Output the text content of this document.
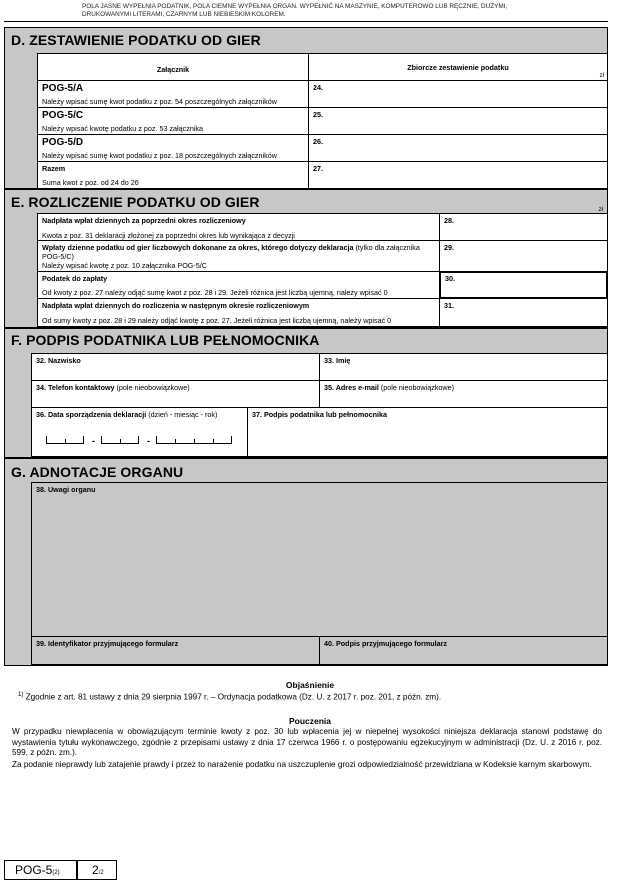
POLA JASNE WYPEŁNIA PODATNIK, POLA CIEMNE WYPEŁNIA ORGAN. WYPEŁNIĆ NA MASZYNIE, KOMPUTEROWO LUB RĘCZNIE, DUŻYMI, DRUKOWANYMI LITERAMI, CZARNYM LUB NIEBIESKIM KOLOREM.
D. ZESTAWIENIE PODATKU OD GIER
Załącznik	Zbiorcze zestawienie podatku
zł
POG-5/A
Należy wpisać sumę kwot podatku z poz. 54 poszczególnych załączników
24.
POG-5/C
Należy wpisać kwotę podatku z poz. 53 załącznika
25.
POG-5/D
Należy wpisać sumę kwot podatku z poz. 18 poszczególnych załączników
26.
Razem
Suma kwot z poz. od 24 do 26
27.
E. ROZLICZENIE PODATKU OD GIER	zł
Nadpłata wpłat dziennych za poprzedni okres rozliczeniowy
Kwota z poz. 31 deklaracji złożonej za poprzedni okres lub wynikająca z decyzji
28.
Wpłaty dzienne podatku od gier liczbowych dokonane za okres, którego dotyczy deklaracja (tylko dla załącznika POG-5/C)
Należy wpisać kwotę z poz. 10 załącznika POG-5/C
29.
Podatek do zapłaty
Od kwoty z poz. 27 należy odjąć sumę kwot z poz. 28 i 29. Jeżeli różnica jest liczbą ujemną, należy wpisać 0
30.
Nadpłata wpłat dziennych do rozliczenia w następnym okresie rozliczeniowym
Od sumy kwoty z poz. 28 i 29 należy odjąć kwotę z poz. 27. Jeżeli różnica jest liczbą ujemną, należy wpisać 0
31.
F. PODPIS PODATNIKA LUB PEŁNOMOCNIKA
32. Nazwisko	33. Imię
34. Telefon kontaktowy (pole nieobowiązkowe)	35. Adres e-mail (pole nieobowiązkowe)
36. Data sporządzenia deklaracji (dzień - miesiąc - rok)
-	-
37. Podpis podatnika lub pełnomocnika
G. ADNOTACJE ORGANU
38. Uwagi organu
39. Identyfikator przyjmującego formularz	40. Podpis przyjmującego formularz
Objaśnienie
$^{1)}$ Zgodnie z art. 81 ustawy z dnia 29 sierpnia 1997 r. – Ordynacja podatkowa (Dz. U. z 2017 r. poz. 201, z późn. zm).
Pouczenia
W przypadku niewpłacenia w obowiązującym terminie kwoty z poz. 30 lub wpłacenia jej w niepełnej wysokości niniejsza deklaracja stanowi podstawę do wystawienia tytułu wykonawczego, zgodnie z przepisami ustawy z dnia 17 czerwca 1966 r. o postępowaniu egzekucyjnym w administracji (Dz. U. z 2016 r. poz. 599, z późn. zm.).
Za podanie nieprawdy lub zatajenie prawdy i przez to narażenie podatku na uszczuplenie grozi odpowiedzialność przewidziana w Kodeksie karnym skarbowym.
POG-5(2)	2/2
